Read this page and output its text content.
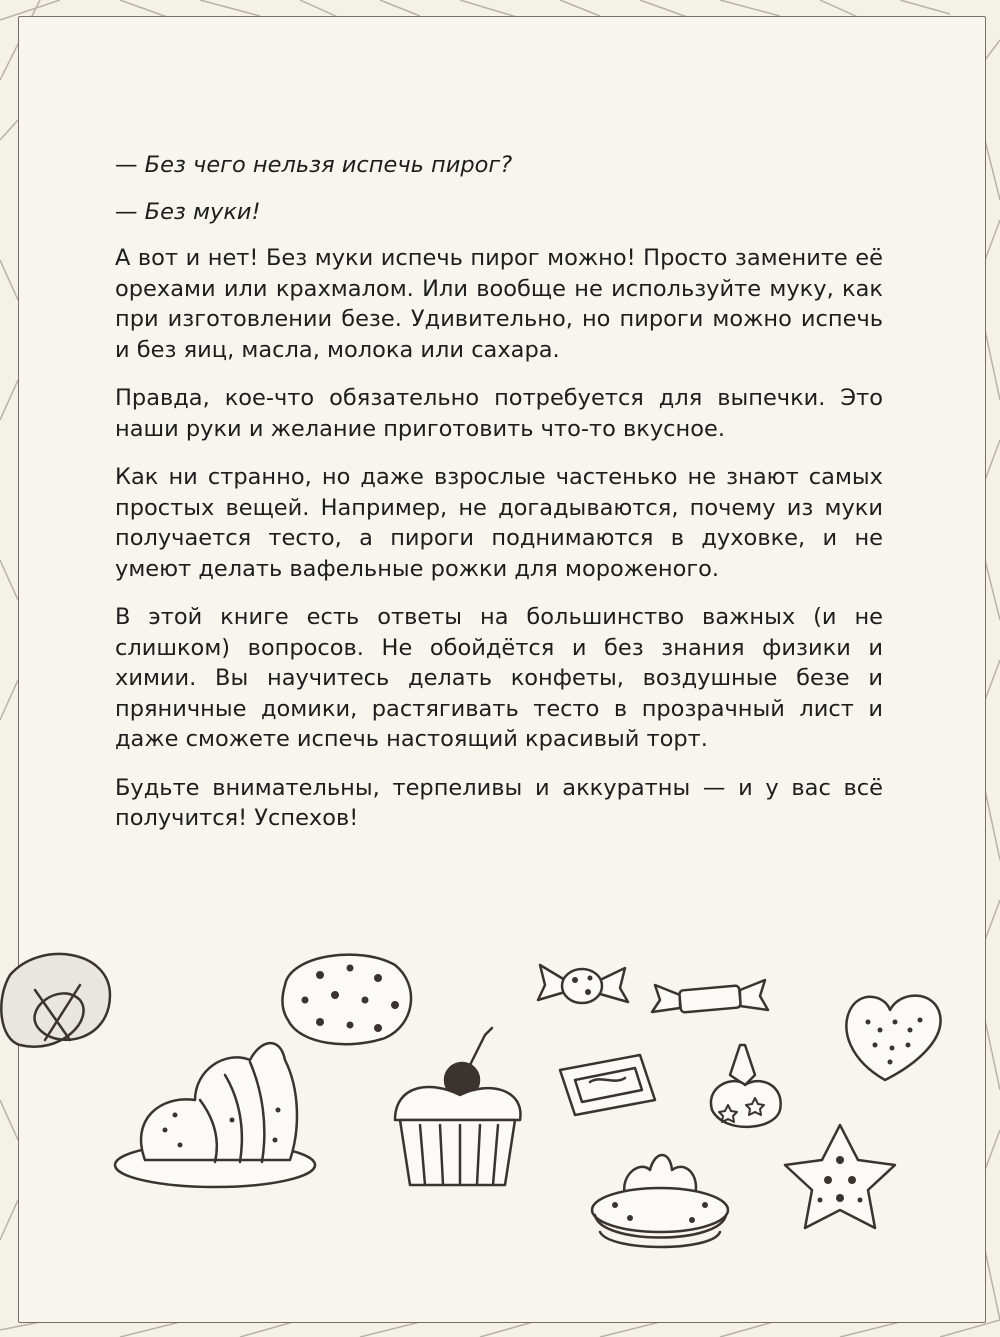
— Без чего нельзя испечь пирог?

— Без муки!

А вот и нет! Без муки испечь пирог можно! Просто замените её орехами или крахмалом. Или вообще не используйте муку, как при изготовлении безе. Удивительно, но пироги можно испечь и без яиц, масла, молока или сахара.

Правда, кое-что обязательно потребуется для выпечки. Это наши руки и желание приготовить что-то вкусное.

Как ни странно, но даже взрослые частенько не знают самых простых вещей. Например, не догадываются, почему из муки получается тесто, а пироги поднимаются в духовке, и не умеют делать вафельные рожки для мороженого.

В этой книге есть ответы на большинство важных (и не слишком) вопросов. Не обойдётся и без знания физики и химии. Вы научитесь делать конфеты, воздушные безе и пряничные домики, растягивать тесто в прозрачный лист и даже сможете испечь настоящий красивый торт.

Будьте внимательны, терпеливы и аккуратны — и у вас всё получится! Успехов!
